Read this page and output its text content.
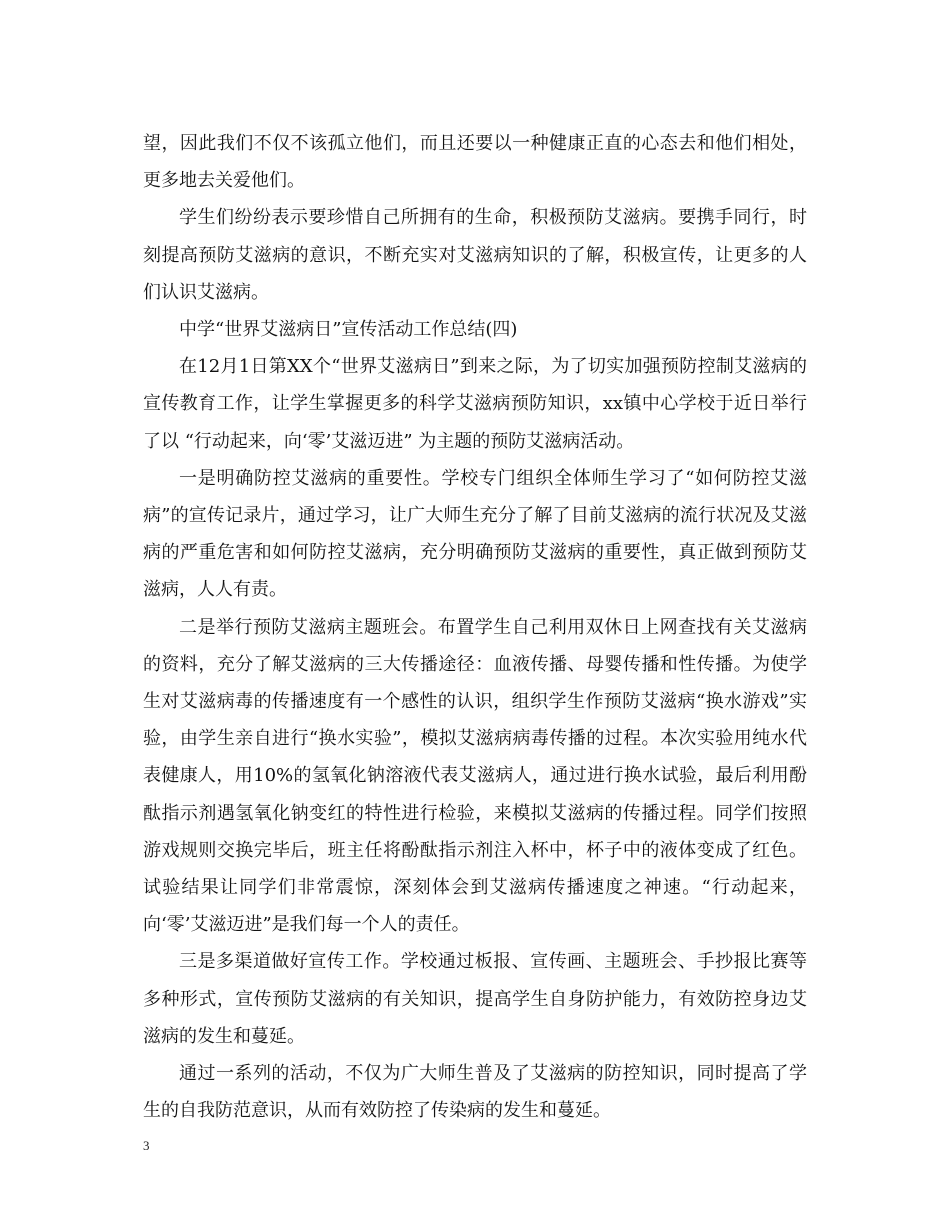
望，因此我们不仅不该孤立他们，而且还要以一种健康正直的心态去和他们相处，更多地去关爱他们。

学生们纷纷表示要珍惜自己所拥有的生命，积极预防艾滋病。要携手同行，时刻提高预防艾滋病的意识，不断充实对艾滋病知识的了解，积极宣传，让更多的人们认识艾滋病。

中学“世界艾滋病日”宣传活动工作总结(四)

在12月1日第XX个“世界艾滋病日”到来之际，为了切实加强预防控制艾滋病的宣传教育工作，让学生掌握更多的科学艾滋病预防知识，xx镇中心学校于近日举行了以 “行动起来，向‘零’艾滋迈进” 为主题的预防艾滋病活动。

一是明确防控艾滋病的重要性。学校专门组织全体师生学习了“如何防控艾滋病”的宣传记录片，通过学习，让广大师生充分了解了目前艾滋病的流行状况及艾滋病的严重危害和如何防控艾滋病，充分明确预防艾滋病的重要性，真正做到预防艾滋病，人人有责。

二是举行预防艾滋病主题班会。布置学生自己利用双休日上网查找有关艾滋病的资料，充分了解艾滋病的三大传播途径：血液传播、母婴传播和性传播。为使学生对艾滋病毒的传播速度有一个感性的认识，组织学生作预防艾滋病“换水游戏”实验，由学生亲自进行“换水实验”，模拟艾滋病病毒传播的过程。本次实验用纯水代表健康人，用10%的氢氧化钠溶液代表艾滋病人，通过进行换水试验，最后利用酚酞指示剂遇氢氧化钠变红的特性进行检验，来模拟艾滋病的传播过程。同学们按照游戏规则交换完毕后，班主任将酚酞指示剂注入杯中，杯子中的液体变成了红色。试验结果让同学们非常震惊，深刻体会到艾滋病传播速度之神速。“行动起来，向‘零’艾滋迈进”是我们每一个人的责任。

三是多渠道做好宣传工作。学校通过板报、宣传画、主题班会、手抄报比赛等多种形式，宣传预防艾滋病的有关知识，提高学生自身防护能力，有效防控身边艾滋病的发生和蔓延。

通过一系列的活动，不仅为广大师生普及了艾滋病的防控知识，同时提高了学生的自我防范意识，从而有效防控了传染病的发生和蔓延。

3
